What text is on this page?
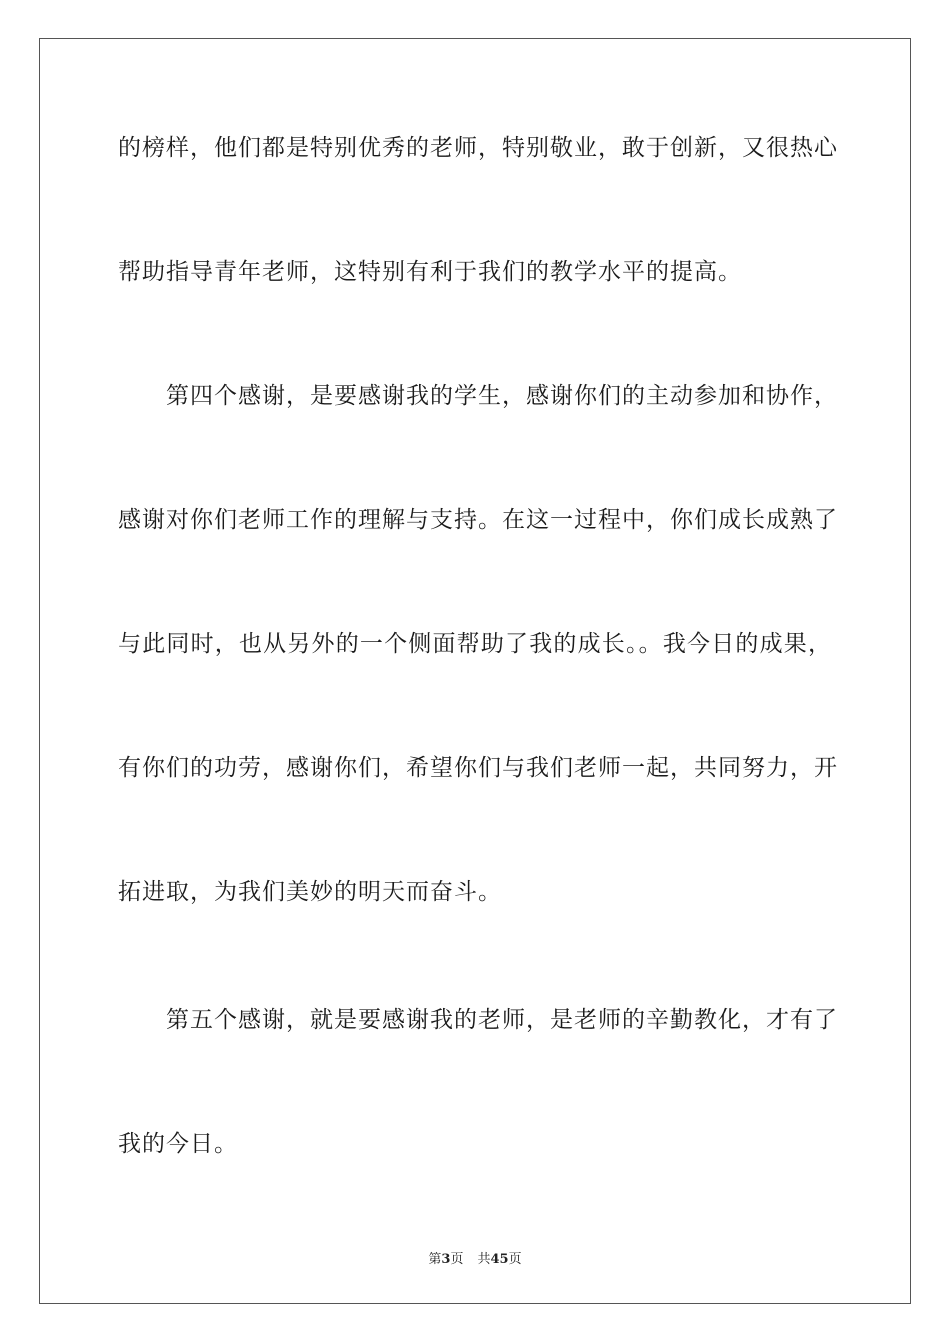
的榜样，他们都是特别优秀的老师，特别敬业，敢于创新，又很热心
帮助指导青年老师，这特别有利于我们的教学水平的提高。
　　第四个感谢，是要感谢我的学生，感谢你们的主动参加和协作，
感谢对你们老师工作的理解与支持。在这一过程中，你们成长成熟了
与此同时，也从另外的一个侧面帮助了我的成长。。我今日的成果，
有你们的功劳，感谢你们，希望你们与我们老师一起，共同努力，开
拓进取，为我们美妙的明天而奋斗。
　　第五个感谢，就是要感谢我的老师，是老师的辛勤教化，才有了
我的今日。
第3页 共45页
